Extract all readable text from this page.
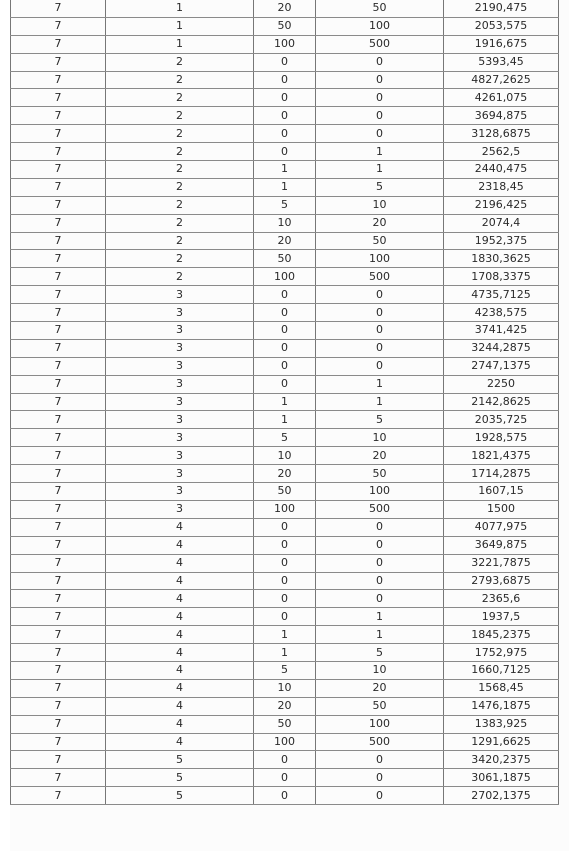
7	1	20	50	2190,475
7	1	50	100	2053,575
7	1	100	500	1916,675
7	2	0	0	5393,45
7	2	0	0	4827,2625
7	2	0	0	4261,075
7	2	0	0	3694,875
7	2	0	0	3128,6875
7	2	0	1	2562,5
7	2	1	1	2440,475
7	2	1	5	2318,45
7	2	5	10	2196,425
7	2	10	20	2074,4
7	2	20	50	1952,375
7	2	50	100	1830,3625
7	2	100	500	1708,3375
7	3	0	0	4735,7125
7	3	0	0	4238,575
7	3	0	0	3741,425
7	3	0	0	3244,2875
7	3	0	0	2747,1375
7	3	0	1	2250
7	3	1	1	2142,8625
7	3	1	5	2035,725
7	3	5	10	1928,575
7	3	10	20	1821,4375
7	3	20	50	1714,2875
7	3	50	100	1607,15
7	3	100	500	1500
7	4	0	0	4077,975
7	4	0	0	3649,875
7	4	0	0	3221,7875
7	4	0	0	2793,6875
7	4	0	0	2365,6
7	4	0	1	1937,5
7	4	1	1	1845,2375
7	4	1	5	1752,975
7	4	5	10	1660,7125
7	4	10	20	1568,45
7	4	20	50	1476,1875
7	4	50	100	1383,925
7	4	100	500	1291,6625
7	5	0	0	3420,2375
7	5	0	0	3061,1875
7	5	0	0	2702,1375
